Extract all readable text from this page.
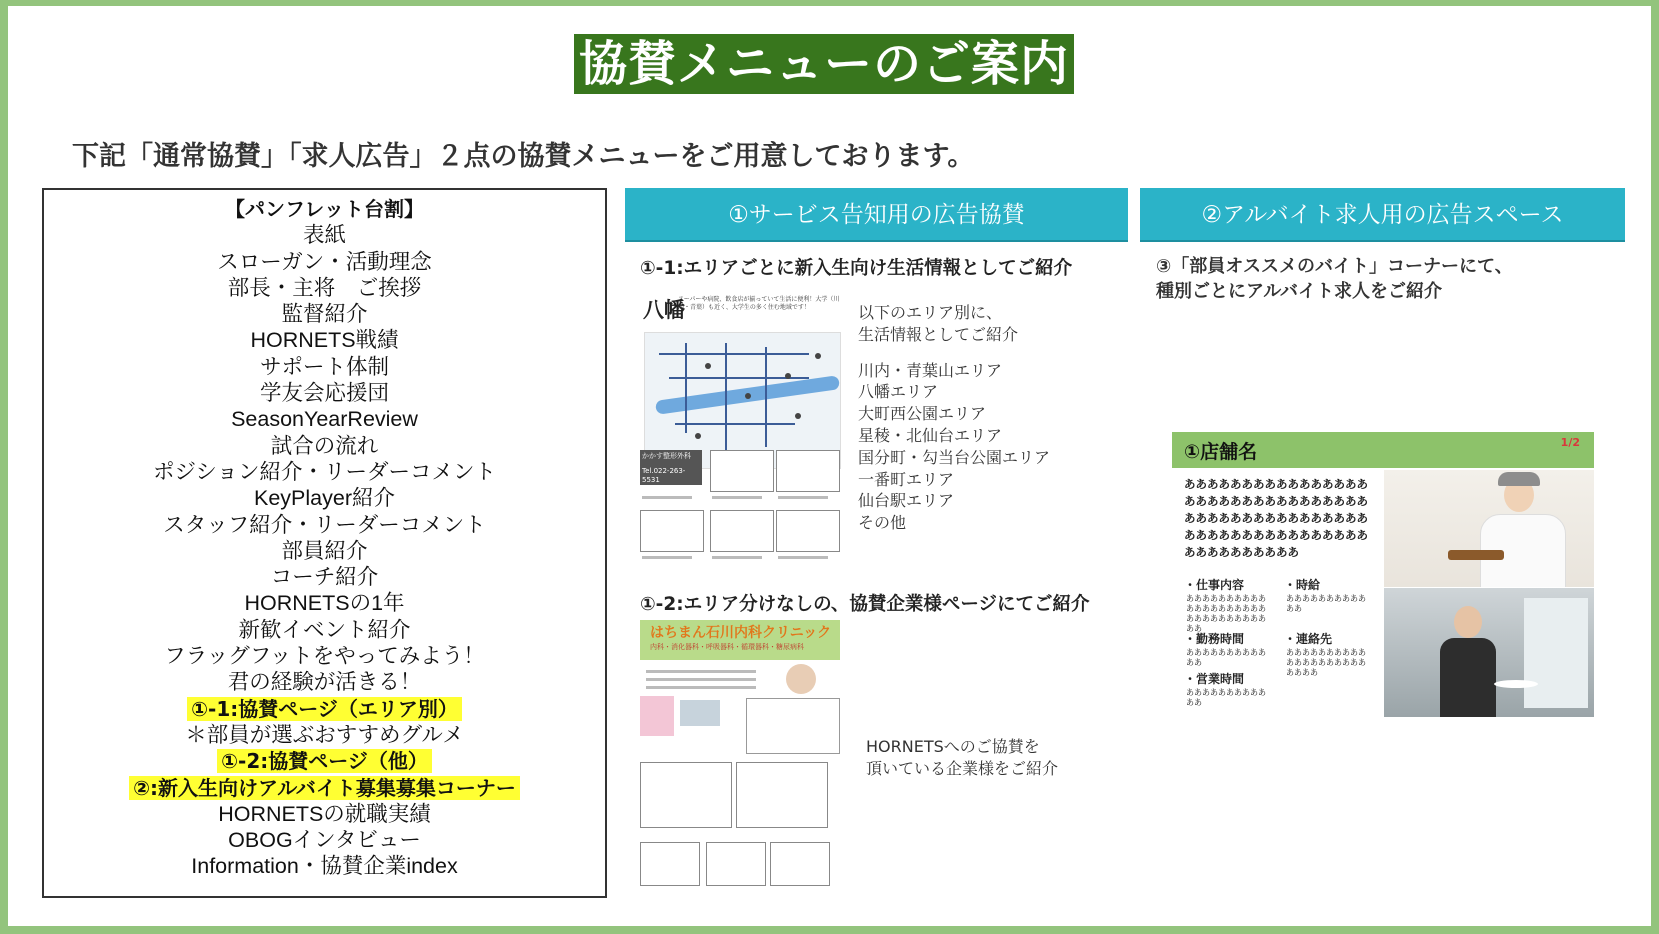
協賛メニューのご案内
下記「通常協賛」「求人広告」２点の協賛メニューをご用意しております。
【パンフレット台割】
表紙
スローガン・活動理念
部長・主将　ご挨拶
監督紹介
HORNETS戦績
サポート体制
学友会応援団
SeasonYearReview
試合の流れ
ポジション紹介・リーダーコメント
KeyPlayer紹介
スタッフ紹介・リーダーコメント
部員紹介
コーチ紹介
HORNETSの1年
新歓イベント紹介
フラッグフットをやってみよう！
君の経験が活きる！
①-1:協賛ページ（エリア別）
＊部員が選ぶおすすめグルメ
①-2:協賛ページ（他）
②:新入生向けアルバイト募集募集コーナー
HORNETSの就職実績
OBOGインタビュー
Information・協賛企業index
①サービス告知用の広告協賛
①-1:エリアごとに新入生向け生活情報としてご紹介
八幡
スーパーや病院、飲食店が揃っていて生活に便利！大学（川内・青葉）も近く、大学生の多く住む地域です！
かかす整形外科
Tel.022-263-5531
以下のエリア別に、
生活情報としてご紹介
川内・青葉山エリア
八幡エリア
大町西公園エリア
星稜・北仙台エリア
国分町・勾当台公園エリア
一番町エリア
仙台駅エリア
その他
①-2:エリア分けなしの、協賛企業様ページにてご紹介
はちまん石川内科クリニック
内科・消化器科・呼吸器科・循環器科・糖尿病科
HORNETSへのご協賛を
頂いている企業様をご紹介
②アルバイト求人用の広告スペース
③「部員オススメのバイト」コーナーにて、
種別ごとにアルバイト求人をご紹介
①店舗名	1/2
ああああああああああああああああああああああああああああああああああああああああああああああああああああああああああああああああああああああああああ
・仕事内容
ああああああああああああああああああああああああああああああああ
・時給
ああああああああああああ
・勤務時間
ああああああああああああ
・連絡先
ああああああああああああああああああああああああ
・営業時間
ああああああああああああ
